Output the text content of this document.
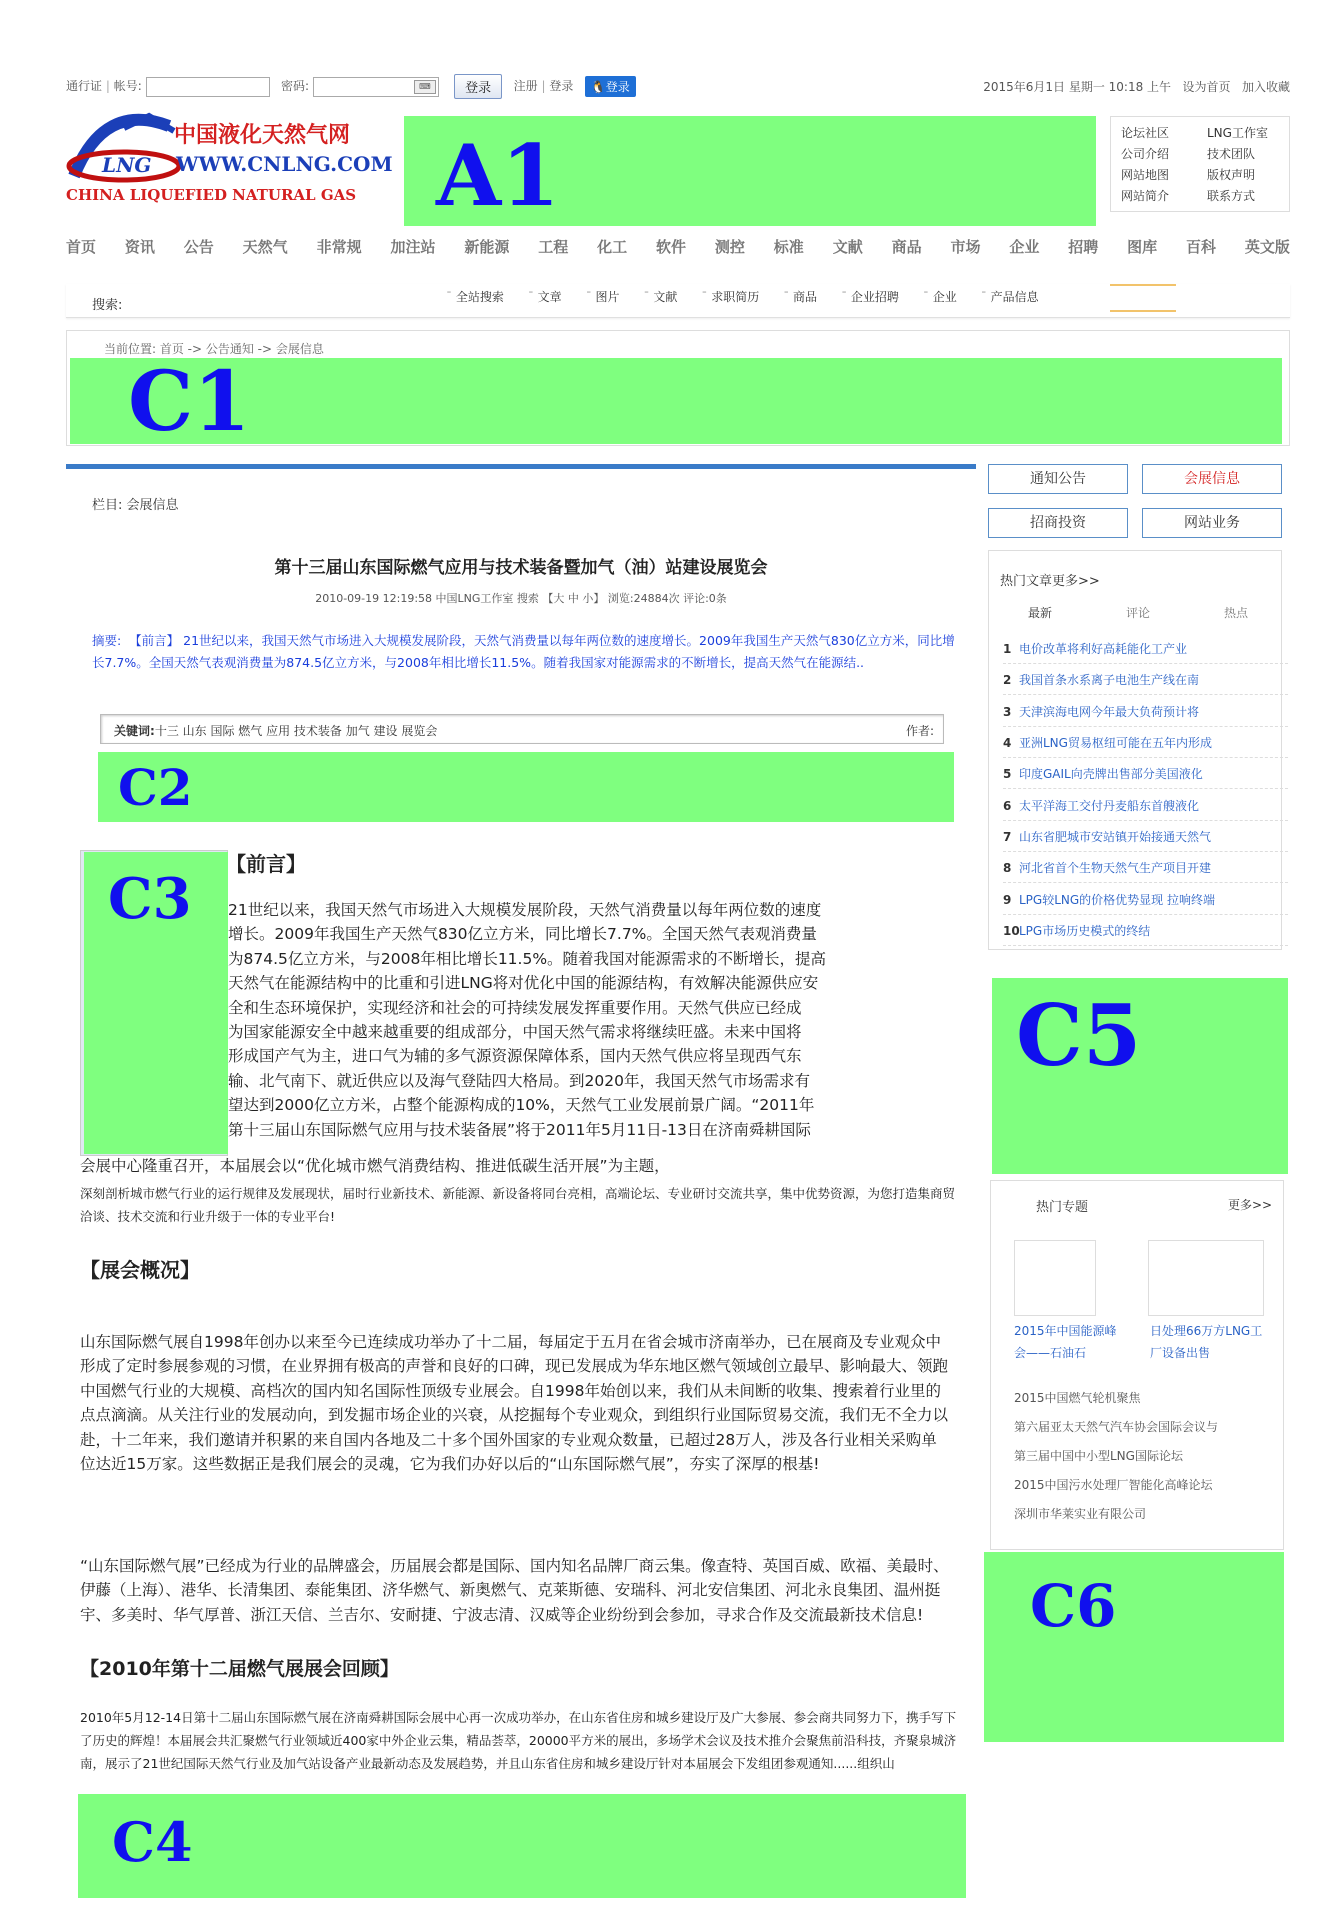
通行证 | 帐号:	密码:	⌨	登录 注册 | 登录 🐧登录	2015年6月1日 星期一 10:18 上午 设为首页 加入收藏
LNG
中国液化天然气网
WWW.CNLNG.COM
CHINA LIQUEFIED NATURAL GAS A1	论坛社区	LNG工作室
公司介绍	技术团队
网站地图	版权声明
网站简介	联系方式
首页 资讯 公告 天然气 非常规 加注站 新能源 工程 化工 软件 测控 标准 文献 商品 市场 企业 招聘 图库 百科 英文版
搜索:
¯ 全站搜索 ¯ 文章 ¯ 图片 ¯ 文献 ¯ 求职简历 ¯ 商品 ¯ 企业招聘 ¯ 企业 ¯ 产品信息
当前位置: 首页 -> 公告通知 -> 会展信息
C1
栏目: 会展信息
第十三届山东国际燃气应用与技术装备暨加气（油）站建设展览会
2010-09-19 12:19:58 中国LNG工作室 搜索 【大 中 小】 浏览:24884次 评论:0条
摘要: 【前言】 21世纪以来，我国天然气市场进入大规模发展阶段，天然气消费量以每年两位数的速度增长。2009年我国生产天然气830亿立方米，同比增长7.7%。全国天然气表观消费量为874.5亿立方米，与2008年相比增长11.5%。随着我国家对能源需求的不断增长，提高天然气在能源结..
关键词:十三 山东 国际 燃气 应用 技术装备 加气 建设 展览会	作者:
C2
C3
【前言】

21世纪以来，我国天然气市场进入大规模发展阶段，天然气消费量以每年两位数的速度

增长。2009年我国生产天然气830亿立方米，同比增长7.7%。全国天然气表观消费量

为874.5亿立方米，与2008年相比增长11.5%。随着我国对能源需求的不断增长，提高

天然气在能源结构中的比重和引进LNG将对优化中国的能源结构，有效解决能源供应安

全和生态环境保护，实现经济和社会的可持续发展发挥重要作用。天然气供应已经成

为国家能源安全中越来越重要的组成部分，中国天然气需求将继续旺盛。未来中国将

形成国产气为主，进口气为辅的多气源资源保障体系，国内天然气供应将呈现西气东

输、北气南下、就近供应以及海气登陆四大格局。到2020年，我国天然气市场需求有

望达到2000亿立方米，占整个能源构成的10%，天然气工业发展前景广阔。“2011年

第十三届山东国际燃气应用与技术装备展”将于2011年5月11日-13日在济南舜耕国际

会展中心隆重召开，本届展会以“优化城市燃气消费结构、推进低碳生活开展”为主题，
深刻剖析城市燃气行业的运行规律及发展现状，届时行业新技术、新能源、新设备将同台亮相，高端论坛、专业研讨交流共享，集中优势资源，为您打造集商贸洽谈、技术交流和行业升级于一体的专业平台!
【展会概况】
山东国际燃气展自1998年创办以来至今已连续成功举办了十二届，每届定于五月在省会城市济南举办，已在展商及专业观众中形成了定时参展参观的习惯，在业界拥有极高的声誉和良好的口碑，现已发展成为华东地区燃气领域创立最早、影响最大、领跑中国燃气行业的大规模、高档次的国内知名国际性顶级专业展会。自1998年始创以来，我们从未间断的收集、搜索着行业里的点点滴滴。从关注行业的发展动向，到发掘市场企业的兴衰，从挖掘每个专业观众，到组织行业国际贸易交流，我们无不全力以赴，十二年来，我们邀请并积累的来自国内各地及二十多个国外国家的专业观众数量，已超过28万人，涉及各行业相关采购单位达近15万家。这些数据正是我们展会的灵魂，它为我们办好以后的“山东国际燃气展”，夯实了深厚的根基!
“山东国际燃气展”已经成为行业的品牌盛会，历届展会都是国际、国内知名品牌厂商云集。像查特、英国百威、欧福、美最时、伊藤（上海）、港华、长清集团、泰能集团、济华燃气、新奥燃气、克莱斯德、安瑞科、河北安信集团、河北永良集团、温州挺宇、多美时、华气厚普、浙江天信、兰吉尔、安耐捷、宁波志清、汉威等企业纷纷到会参加，寻求合作及交流最新技术信息!
【2010年第十二届燃气展展会回顾】
2010年5月12-14日第十二届山东国际燃气展在济南舜耕国际会展中心再一次成功举办，在山东省住房和城乡建设厅及广大参展、参会商共同努力下，携手写下了历史的辉煌！本届展会共汇聚燃气行业领域近400家中外企业云集，精品荟萃，20000平方米的展出，多场学术会议及技术推介会聚焦前沿科技，齐聚泉城济南，展示了21世纪国际天然气行业及加气站设备产业最新动态及发展趋势，并且山东省住房和城乡建设厅针对本届展会下发组团参观通知......组织山
C4
通知公告	会展信息
招商投资	网站业务
热门文章更多>>
最新	评论	热点
1 电价改革将利好高耗能化工产业
2 我国首条水系离子电池生产线在南
3 天津滨海电网今年最大负荷预计将
4 亚洲LNG贸易枢纽可能在五年内形成
5 印度GAIL向壳牌出售部分美国液化
6 太平洋海工交付丹麦船东首艘液化
7 山东省肥城市安站镇开始接通天然气
8 河北省首个生物天然气生产项目开建
9 LPG较LNG的价格优势显现 拉响终端
10LPG市场历史模式的终结
C5
热门专题	更多>>
2015年中国能源峰会——石油石
日处理66万方LNG工厂设备出售
2015中国燃气轮机聚焦
第六届亚太天然气汽车协会国际会议与
第三届中国中小型LNG国际论坛
2015中国污水处理厂智能化高峰论坛
深圳市华莱实业有限公司
C6
